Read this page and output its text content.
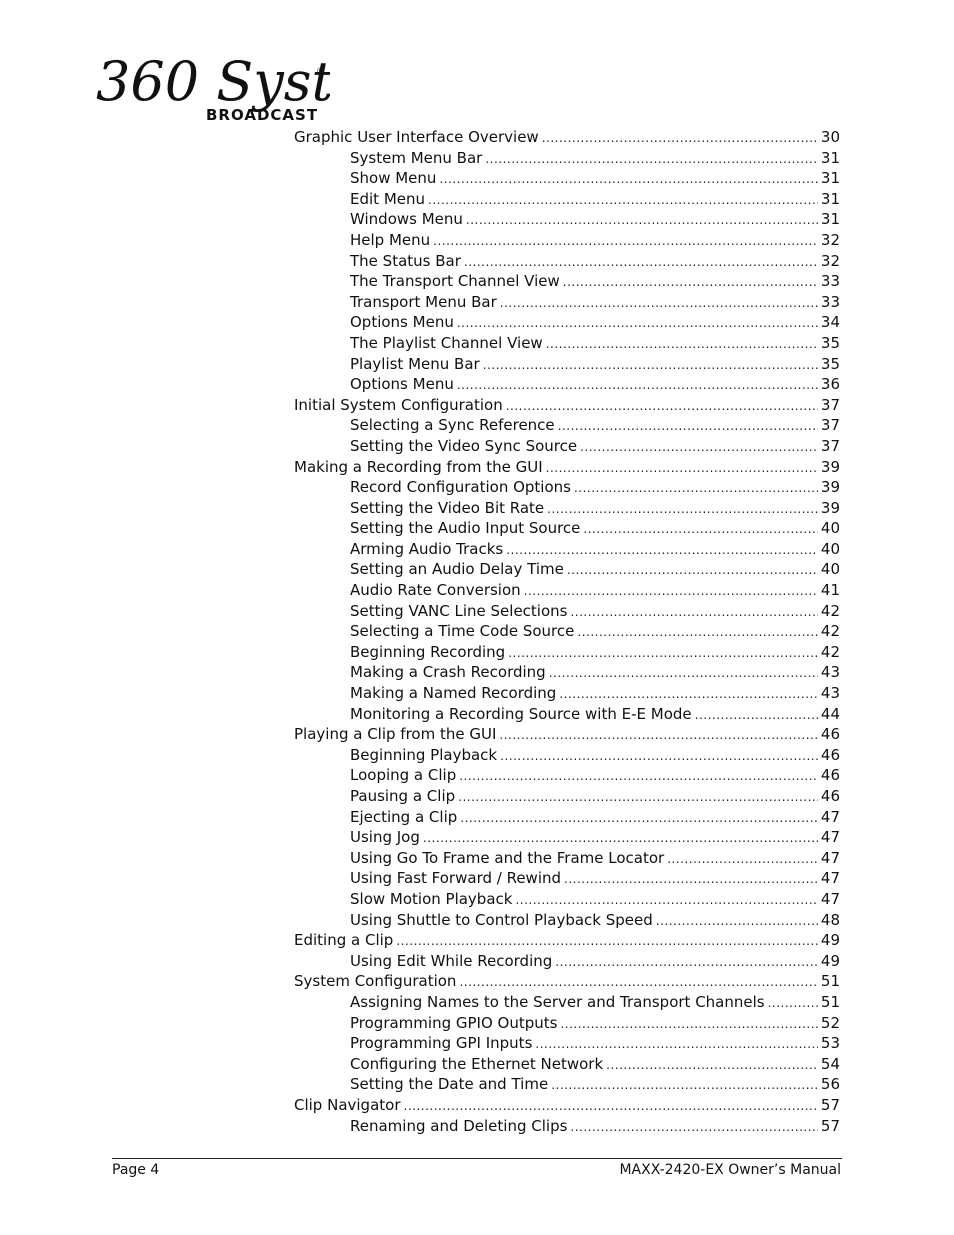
360 Sys ®
BROADCAST
Graphic User Interface Overview .....	30
System Menu Bar .....	31
Show Menu .....	31
Edit Menu .....	31
Windows Menu .....	31
Help Menu .....	32
The Status Bar .....	32
The Transport Channel View .....	33
Transport Menu Bar .....	33
Options Menu .....	34
The Playlist Channel View .....	35
Playlist Menu Bar .....	35
Options Menu .....	36
Initial System Configuration .....	37
Selecting a Sync Reference .....	37
Setting the Video Sync Source .....	37
Making a Recording from the GUI .....	39
Record Configuration Options .....	39
Setting the Video Bit Rate .....	39
Setting the Audio Input Source .....	40
Arming Audio Tracks .....	40
Setting an Audio Delay Time .....	40
Audio Rate Conversion .....	41
Setting VANC Line Selections .....	42
Selecting a Time Code Source .....	42
Beginning Recording .....	42
Making a Crash Recording .....	43
Making a Named Recording .....	43
Monitoring a Recording Source with E-E Mode .....	44
Playing a Clip from the GUI .....	46
Beginning Playback .....	46
Looping a Clip .....	46
Pausing a Clip .....	46
Ejecting a Clip .....	47
Using Jog .....	47
Using Go To Frame and the Frame Locator .....	47
Using Fast Forward / Rewind .....	47
Slow Motion Playback .....	47
Using Shuttle to Control Playback Speed .....	48
Editing a Clip .....	49
Using Edit While Recording .....	49
System Configuration .....	51
Assigning Names to the Server and Transport Channels .....	51
Programming GPIO Outputs .....	52
Programming GPI Inputs .....	53
Configuring the Ethernet Network .....	54
Setting the Date and Time .....	56
Clip Navigator .....	57
Renaming and Deleting Clips .....	57
Page 4	MAXX-2420-EX Owner’s Manual
